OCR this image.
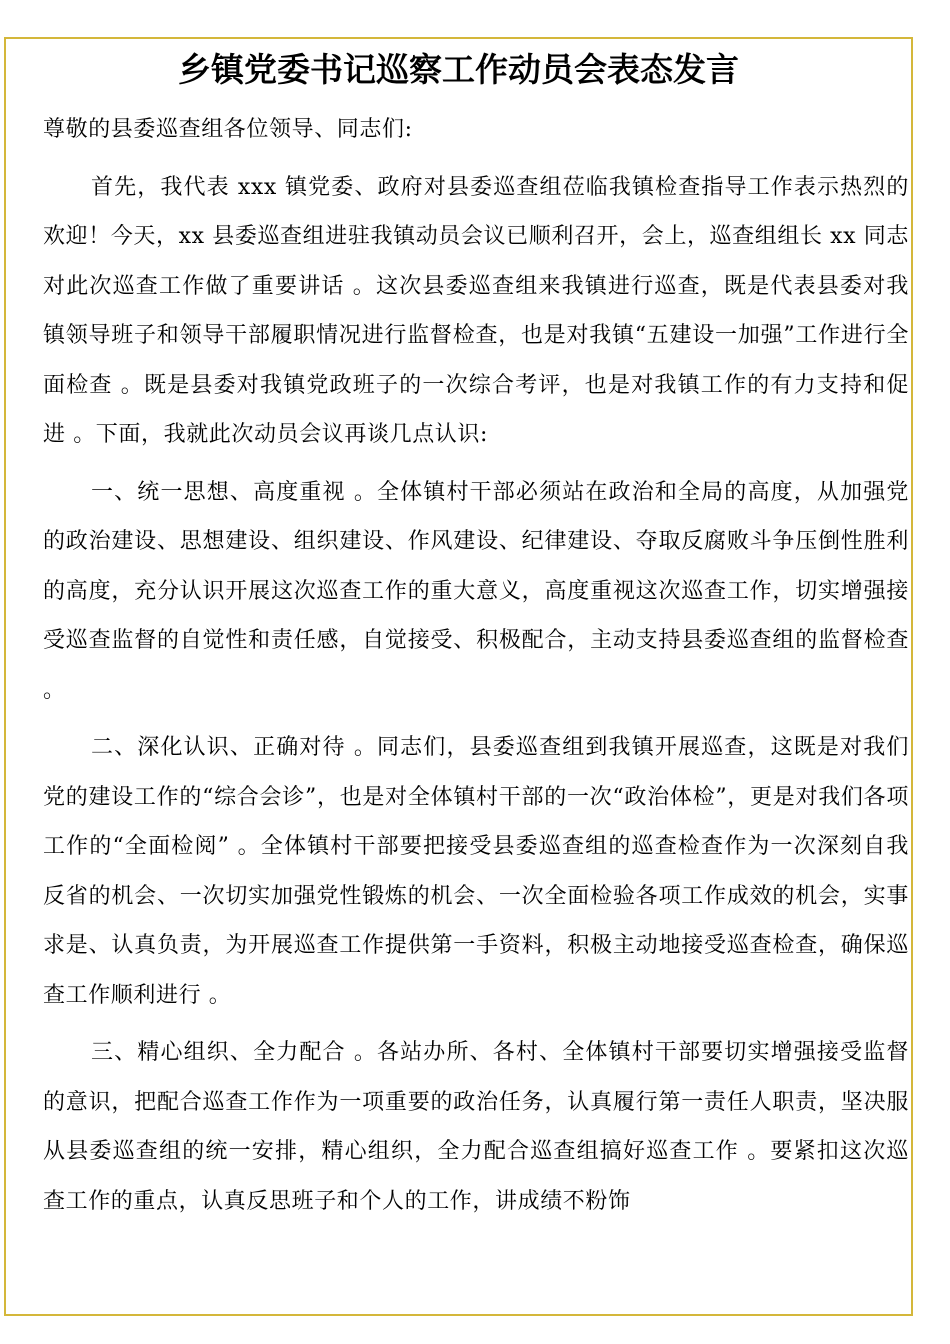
乡镇党委书记巡察工作动员会表态发言

尊敬的县委巡查组各位领导、同志们:

首先，我代表 xxx 镇党委、政府对县委巡查组莅临我镇检查指导工作表示热烈的欢迎！今天，xx 县委巡查组进驻我镇动员会议已顺利召开，会上，巡查组组长 xx 同志对此次巡查工作做了重要讲话 。这次县委巡查组来我镇进行巡查，既是代表县委对我镇领导班子和领导干部履职情况进行监督检查，也是对我镇“五建设一加强”工作进行全面检查 。既是县委对我镇党政班子的一次综合考评，也是对我镇工作的有力支持和促进 。下面，我就此次动员会议再谈几点认识:

一、统一思想、高度重视 。全体镇村干部必须站在政治和全局的高度，从加强党的政治建设、思想建设、组织建设、作风建设、纪律建设、夺取反腐败斗争压倒性胜利的高度，充分认识开展这次巡查工作的重大意义，高度重视这次巡查工作，切实增强接受巡查监督的自觉性和责任感，自觉接受、积极配合，主动支持县委巡查组的监督检查 。

二、深化认识、正确对待 。同志们，县委巡查组到我镇开展巡查，这既是对我们党的建设工作的“综合会诊”，也是对全体镇村干部的一次“政治体检”，更是对我们各项工作的“全面检阅” 。全体镇村干部要把接受县委巡查组的巡查检查作为一次深刻自我反省的机会、一次切实加强党性锻炼的机会、一次全面检验各项工作成效的机会，实事求是、认真负责，为开展巡查工作提供第一手资料，积极主动地接受巡查检查，确保巡查工作顺利进行 。

三、精心组织、全力配合 。各站办所、各村、全体镇村干部要切实增强接受监督的意识，把配合巡查工作作为一项重要的政治任务，认真履行第一责任人职责，坚决服从县委巡查组的统一安排，精心组织，全力配合巡查组搞好巡查工作 。要紧扣这次巡查工作的重点，认真反思班子和个人的工作，讲成绩不粉饰
